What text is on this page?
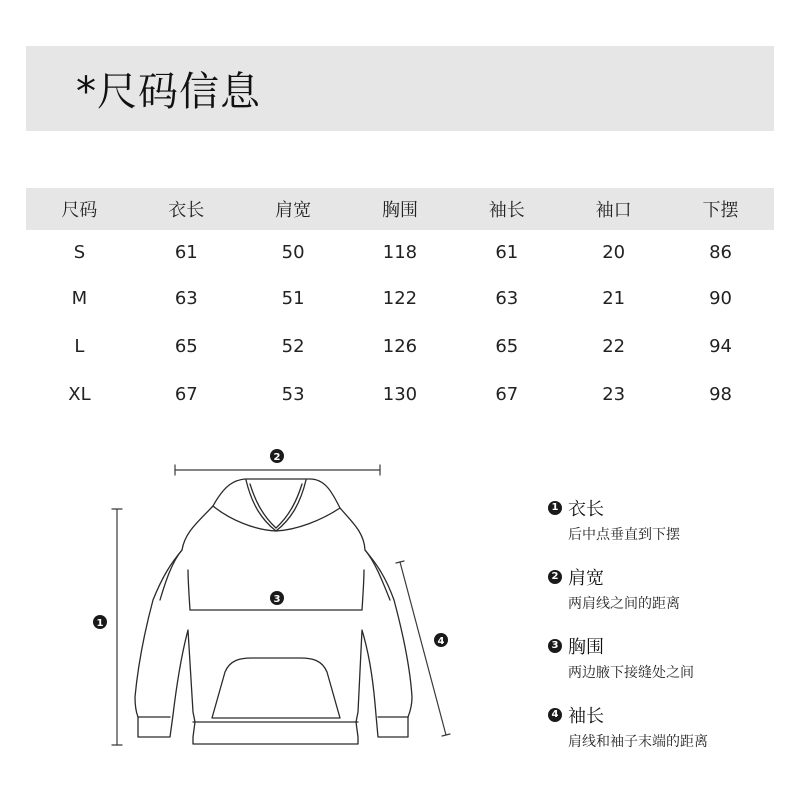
*尺码信息
尺码	衣长	肩宽	胸围	袖长	袖口	下摆
S	61	50	118	61	20	86
M	63	51	122	63	21	90
L	65	52	126	65	22	94
XL	67	53	130	67	23	98
2
3
1
4
1 衣长
后中点垂直到下摆
2 肩宽
两肩线之间的距离
3 胸围
两边腋下接缝处之间
4 袖长
肩线和袖子末端的距离
